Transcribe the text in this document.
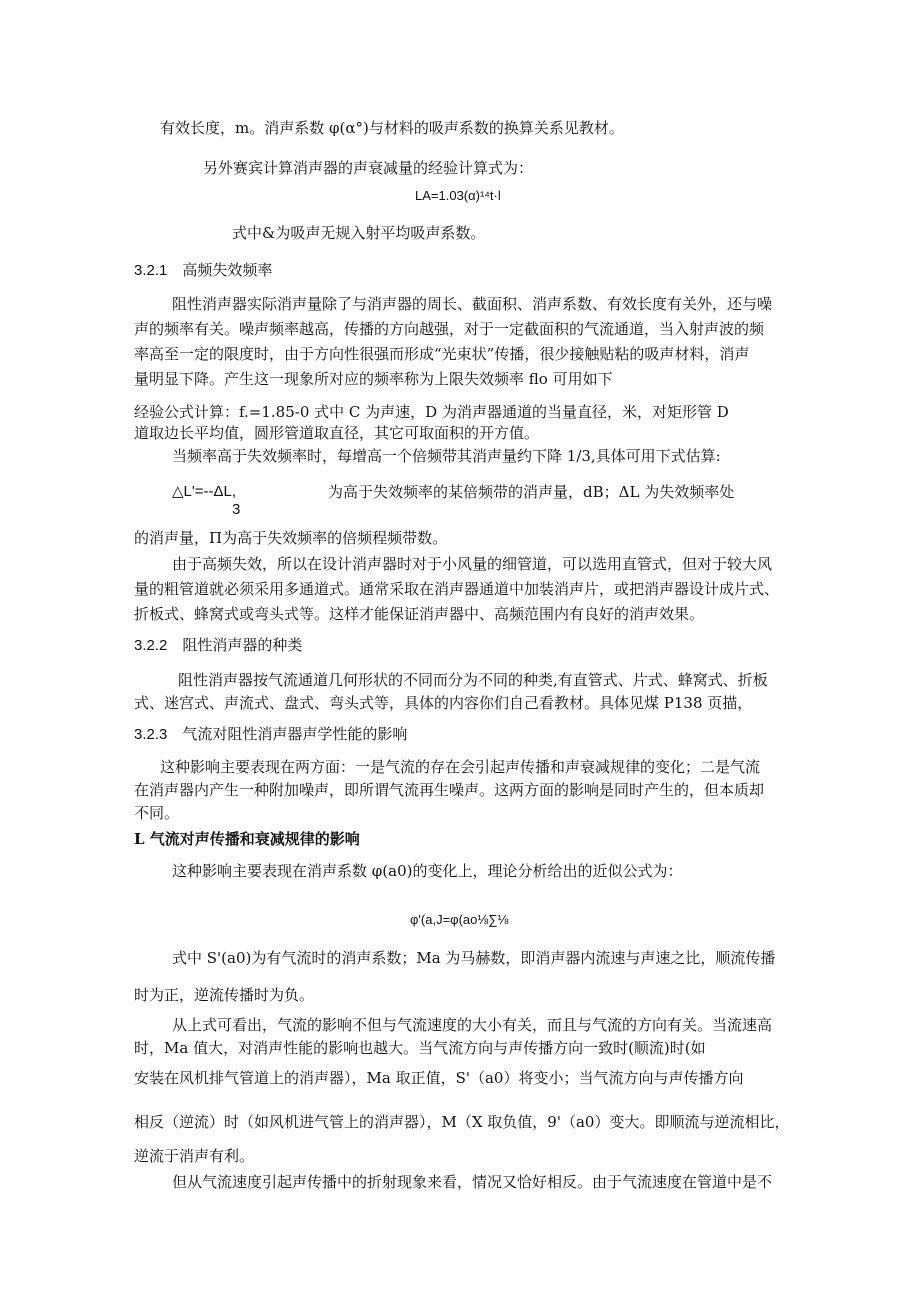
有效长度，m。消声系数 φ(α°)与材料的吸声系数的换算关系见教材。
另外赛宾计算消声器的声衰减量的经验计算式为：
LA=1.03(α)¹⁴t·l
式中&为吸声无规入射平均吸声系数。
3.2.1　高频失效频率
阻性消声器实际消声量除了与消声器的周长、截面积、消声系数、有效长度有关外，还与噪
声的频率有关。噪声频率越高，传播的方向越强，对于一定截面积的气流通道，当入射声波的频
率高至一定的限度时，由于方向性很强而形成“光束状”传播，很少接触贴粘的吸声材料，消声
量明显下降。产生这一现象所对应的频率称为上限失效频率 flo 可用如下
经验公式计算：f.=1.85-0 式中 C 为声速，D 为消声器通道的当量直径，米，对矩形管 D
道取边长平均值，圆形管道取直径，其它可取面积的开方值。
当频率高于失效频率时，每增高一个倍频带其消声量约下降 1/3,具体可用下式估算:
△L'=--ΔL,
3
为高于失效频率的某倍频带的消声量，dB；ΔL 为失效频率处
的消声量，П为高于失效频率的倍频程频带数。
由于高频失效，所以在设计消声器时对于小风量的细管道，可以选用直管式，但对于较大风
量的粗管道就必须采用多通道式。通常采取在消声器通道中加装消声片，或把消声器设计成片式、
折板式、蜂窝式或弯头式等。这样才能保证消声器中、高频范围内有良好的消声效果。
3.2.2　阻性消声器的种类
阻性消声器按气流通道几何形状的不同而分为不同的种类,有直管式、片式、蜂窝式、折板
式、迷宫式、声流式、盘式、弯头式等，具体的内容你们自己看教材。具体见煤 P138 页描，
3.2.3　气流对阻性消声器声学性能的影响
这种影响主要表现在两方面：一是气流的存在会引起声传播和声衰减规律的变化；二是气流
在消声器内产生一种附加噪声，即所谓气流再生噪声。这两方面的影响是同时产生的，但本质却
不同。
L 气流对声传播和衰减规律的影响
这种影响主要表现在消声系数 φ(a0)的变化上，理论分析给出的近似公式为：
φ'(a,J=φ(ao⅛∑⅛
式中 S'(a0)为有气流时的消声系数；Ma 为马赫数，即消声器内流速与声速之比，顺流传播
时为正，逆流传播时为负。
从上式可看出，气流的影响不但与气流速度的大小有关，而且与气流的方向有关。当流速高
时，Ma 值大，对消声性能的影响也越大。当气流方向与声传播方向一致时(顺流)时(如
安装在风机排气管道上的消声器），Ma 取正值，S'（a0）将变小；当气流方向与声传播方向
相反（逆流）时（如风机进气管上的消声器），M（X 取负值，9'（a0）变大。即顺流与逆流相比，
逆流于消声有利。
但从气流速度引起声传播中的折射现象来看，情况又恰好相反。由于气流速度在管道中是不
